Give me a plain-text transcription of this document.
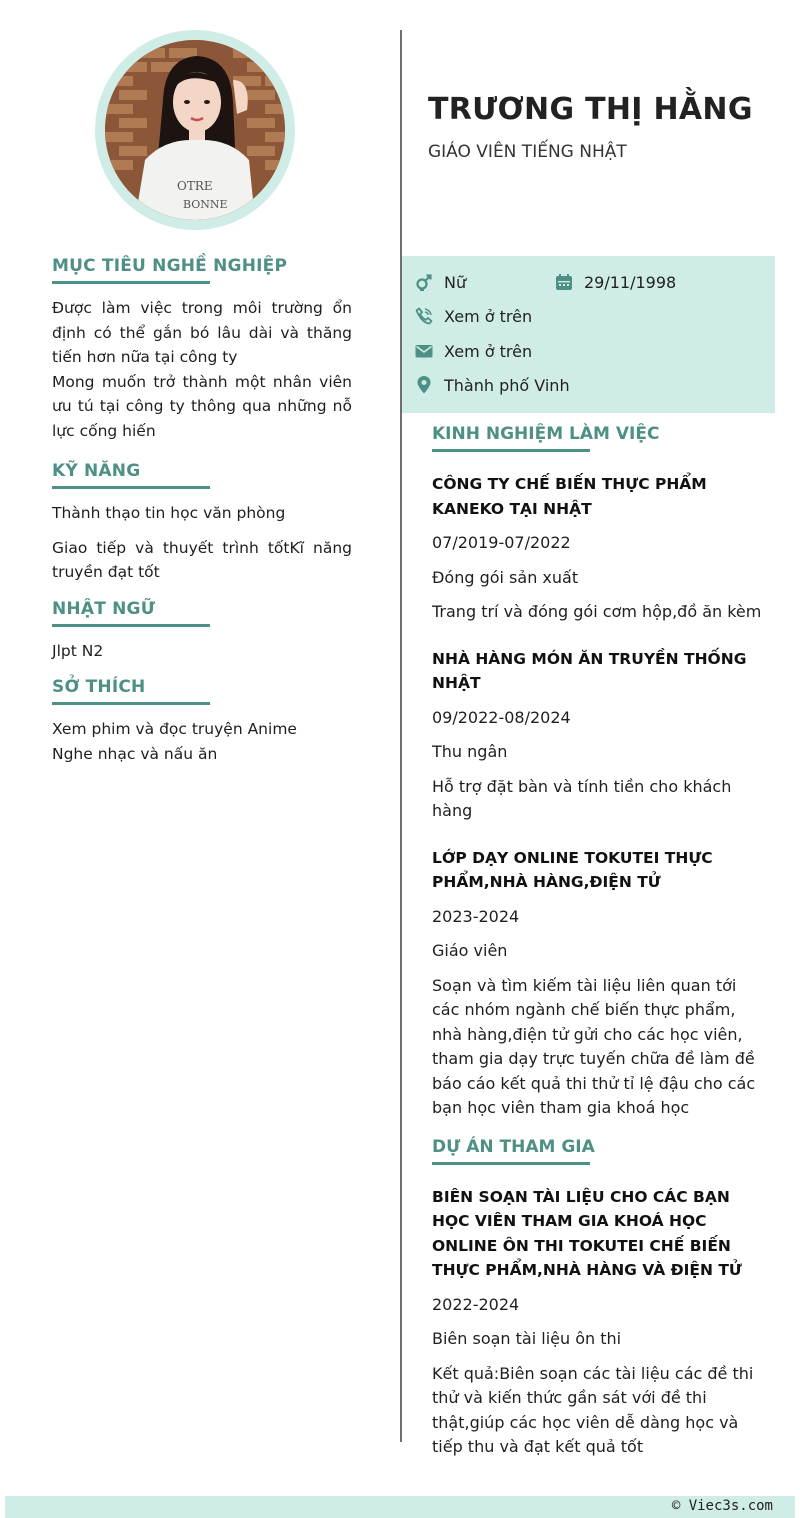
OTRE
BONNE
MỤC TIÊU NGHỀ NGHIỆP

Được làm việc trong môi trường ổn định có thể gắn bó lâu dài và thăng tiến hơn nữa tại công ty

Mong muốn trở thành một nhân viên ưu tú tại công ty thông qua những nỗ lực cống hiến

KỸ NĂNG

Thành thạo tin học văn phòng

Giao tiếp và thuyết trình tốtKĩ năng truyền đạt tốt

NHẬT NGỮ

Jlpt N2

SỞ THÍCH

Xem phim và đọc truyện Anime

Nghe nhạc và nấu ăn

TRƯƠNG THỊ HẰNG
GIÁO VIÊN TIẾNG NHẬT
Nữ	29/11/1998
Xem ở trên
Xem ở trên
Thành phố Vinh
KINH NGHIỆM LÀM VIỆC
CÔNG TY CHẾ BIẾN THỰC PHẨM KANEKO TẠI NHẬT
07/2019-07/2022
Đóng gói sản xuất
Trang trí và đóng gói cơm hộp,đồ ăn kèm
NHÀ HÀNG MÓN ĂN TRUYỀN THỐNG NHẬT
09/2022-08/2024
Thu ngân
Hỗ trợ đặt bàn và tính tiền cho khách hàng
LỚP DẠY ONLINE TOKUTEI THỰC PHẨM,NHÀ HÀNG,ĐIỆN TỬ
2023-2024
Giáo viên
Soạn và tìm kiếm tài liệu liên quan tới các nhóm ngành chế biến thực phẩm, nhà hàng,điện tử gửi cho các học viên, tham gia dạy trực tuyến chữa đề làm đề báo cáo kết quả thi thử tỉ lệ đậu cho các bạn học viên tham gia khoá học
DỰ ÁN THAM GIA
BIÊN SOẠN TÀI LIỆU CHO CÁC BẠN HỌC VIÊN THAM GIA KHOÁ HỌC ONLINE ÔN THI TOKUTEI CHẾ BIẾN THỰC PHẨM,NHÀ HÀNG VÀ ĐIỆN TỬ
2022-2024
Biên soạn tài liệu ôn thi
Kết quả:Biên soạn các tài liệu các đề thi thử và kiến thức gần sát với đề thi thật,giúp các học viên dễ dàng học và tiếp thu và đạt kết quả tốt
© Viec3s.com
